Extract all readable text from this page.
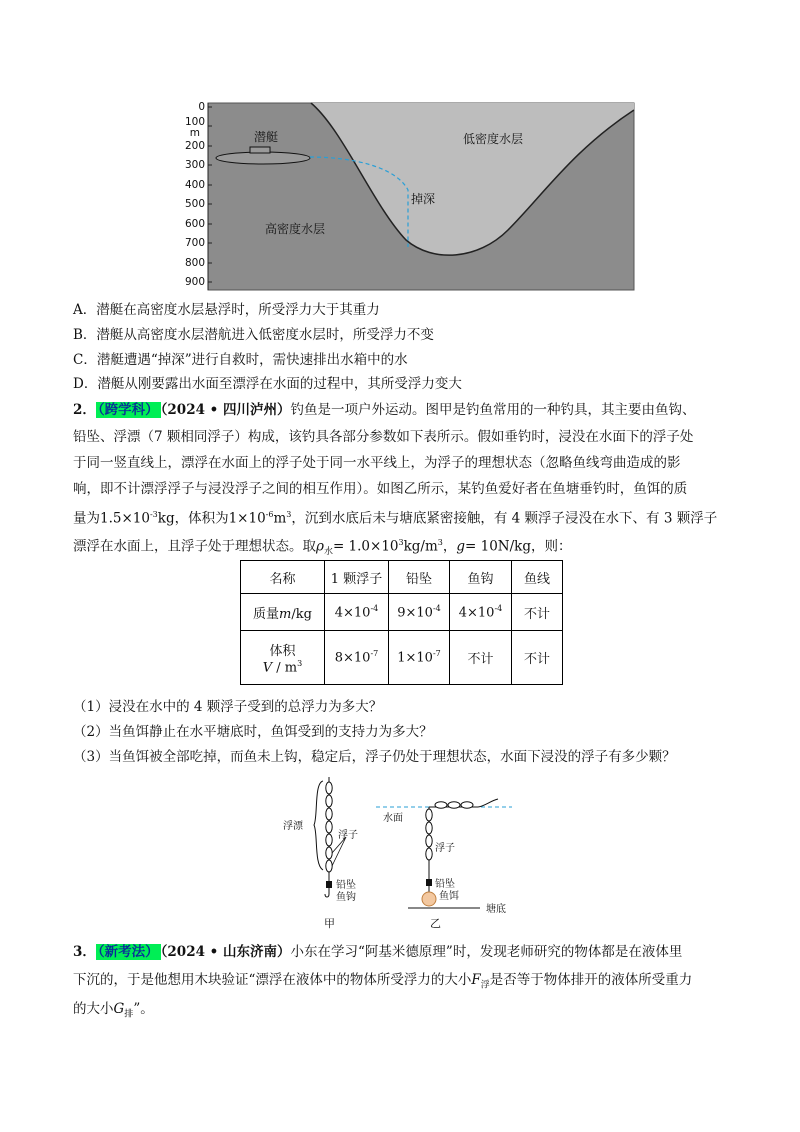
0
100
m
200
300
400
500
600
700
800
900
潜艇
掉深
低密度水层
高密度水层
A．潜艇在高密度水层悬浮时，所受浮力大于其重力
B．潜艇从高密度水层潜航进入低密度水层时，所受浮力不变
C．潜艇遭遇“掉深”进行自救时，需快速排出水箱中的水
D．潜艇从刚要露出水面至漂浮在水面的过程中，其所受浮力变大
2． （跨学科） （2024 • 四川泸州）钓鱼是一项户外运动。图甲是钓鱼常用的一种钓具，其主要由鱼钩、
铅坠、浮漂（7 颗相同浮子）构成，该钓具各部分参数如下表所示。假如垂钓时，浸没在水面下的浮子处
于同一竖直线上，漂浮在水面上的浮子处于同一水平线上，为浮子的理想状态（忽略鱼线弯曲造成的影
响，即不计漂浮浮子与浸没浮子之间的相互作用）。如图乙所示，某钓鱼爱好者在鱼塘垂钓时，鱼饵的质
量为$1.5\times 10^{-3}kg$，体积为$1\times 10^{-6}m^3$，沉到水底后未与塘底紧密接触，有 4 颗浮子浸没在水下、有 3 颗浮子
漂浮在水面上，且浮子处于理想状态。取$\rho_水= 1.0\times 10^3kg/m^3$，g= 10N/kg，则：
名称	1 颗浮子	铅坠	鱼钩	鱼线
质量m/kg	$4\times 10^{-4}$	$9\times 10^{-4}$	$4\times 10^{-4}$	不计
体积
V / $m^3$	$8\times 10^{-7}$	$1\times 10^{-7}$	不计	不计
（1）浸没在水中的 4 颗浮子受到的总浮力为多大？
（2）当鱼饵静止在水平塘底时，鱼饵受到的支持力为多大？
（3）当鱼饵被全部吃掉，而鱼未上钩，稳定后，浮子仍处于理想状态，水面下浸没的浮子有多少颗？
浮漂
浮子
铅坠
鱼钩
甲
水面
浮子
铅坠
鱼饵
塘底
乙
3． （新考法） （2024 • 山东济南）小东在学习“阿基米德原理”时，发现老师研究的物体都是在液体里
下沉的，于是他想用木块验证“漂浮在液体中的物体所受浮力的大小$F_浮$是否等于物体排开的液体所受重力
的大小$G_排$”。
